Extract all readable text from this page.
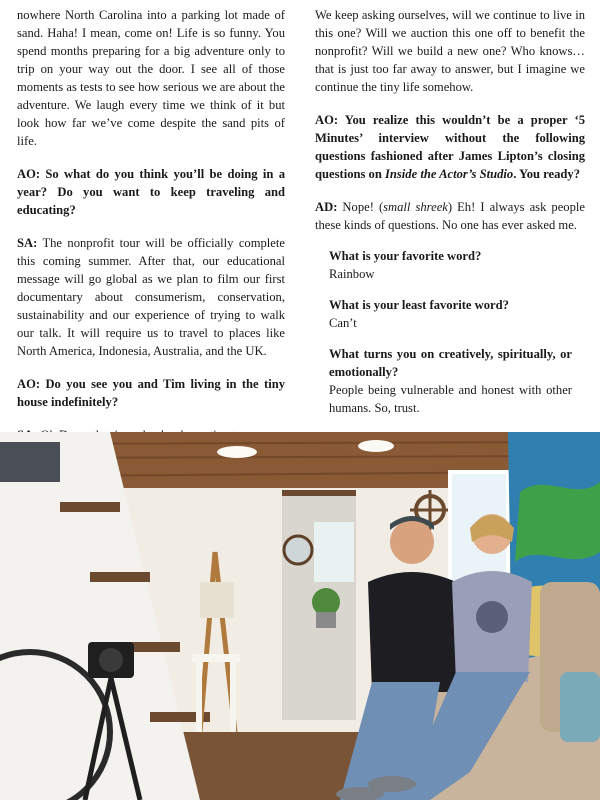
nowhere North Carolina into a parking lot made of sand. Haha! I mean, come on! Life is so funny. You spend months preparing for a big adventure only to trip on your way out the door. I see all of those moments as tests to see how serious we are about the adventure. We laugh every time we think of it but look how far we’ve come despite the sand pits of life.

AO: So what do you think you’ll be doing in a year? Do you want to keep traveling and educating?

SA: The nonprofit tour will be officially complete this coming summer. After that, our educational message will go global as we plan to film our first documentary about consumerism, conservation, sustainability and our experience of trying to walk our talk. It will require us to travel to places like North America, Indonesia, Australia, and the UK.

AO: Do you see you and Tim living in the tiny house indefinitely?

We keep asking ourselves, will we continue to live in this one? Will we auction this one off to benefit the nonprofit? Will we build a new one? Who knows… that is just too far away to answer, but I imagine we continue the tiny life somehow.

AO: You realize this wouldn’t be a proper ‘5 Minutes’ interview without the following questions fashioned after James Lipton’s closing questions on Inside the Actor’s Studio. You ready?

AD: Nope! (small shreek) Eh! I always ask people these kinds of questions. No one has ever asked me.

What is your favorite word?

Rainbow

What is your least favorite word?

Can’t

What turns you on creatively, spiritually, or emotionally?

People being vulnerable and honest with other humans. So, trust.
